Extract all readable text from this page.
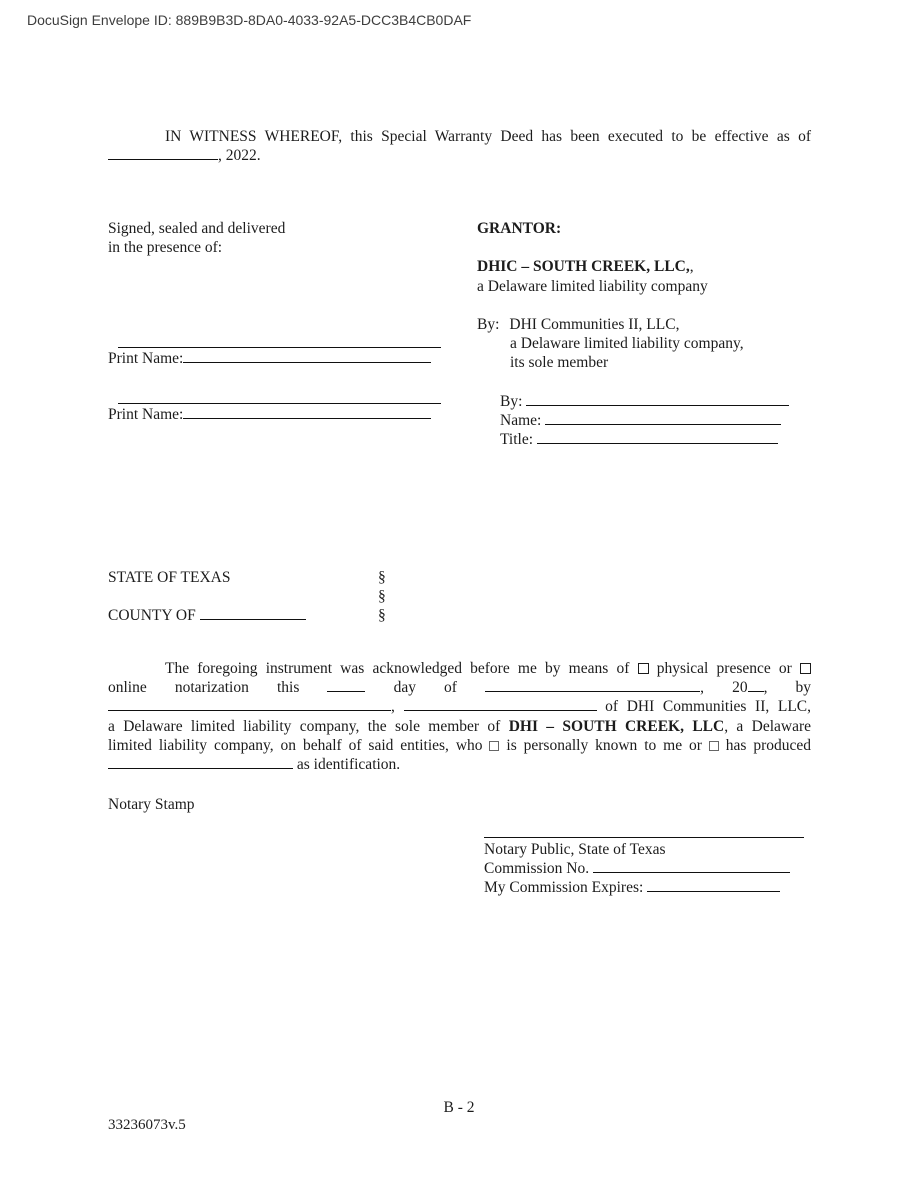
DocuSign Envelope ID: 889B9B3D-8DA0-4033-92A5-DCC3B4CB0DAF
IN WITNESS WHEREOF, this Special Warranty Deed has been executed to be effective as of
, 2022.
Signed, sealed and delivered
in the presence of:
Print Name:
Print Name:
GRANTOR:
DHIC – SOUTH CREEK, LLC,,
a Delaware limited liability company
By: DHI Communities II, LLC,
a Delaware limited liability company,
its sole member
By:
Name:
Title:
STATE OF TEXAS	§
§
COUNTY OF	§
The foregoing instrument was acknowledged before me by means of physical presence or
online notarization this	day of	, 20 , by
,	of DHI Communities II, LLC,
a Delaware limited liability company, the sole member of DHI – SOUTH CREEK, LLC, a Delaware
limited liability company, on behalf of said entities, who is personally known to me or has produced
as identification.
Notary Stamp
Notary Public, State of Texas
Commission No.
My Commission Expires:
B - 2
33236073v.5
